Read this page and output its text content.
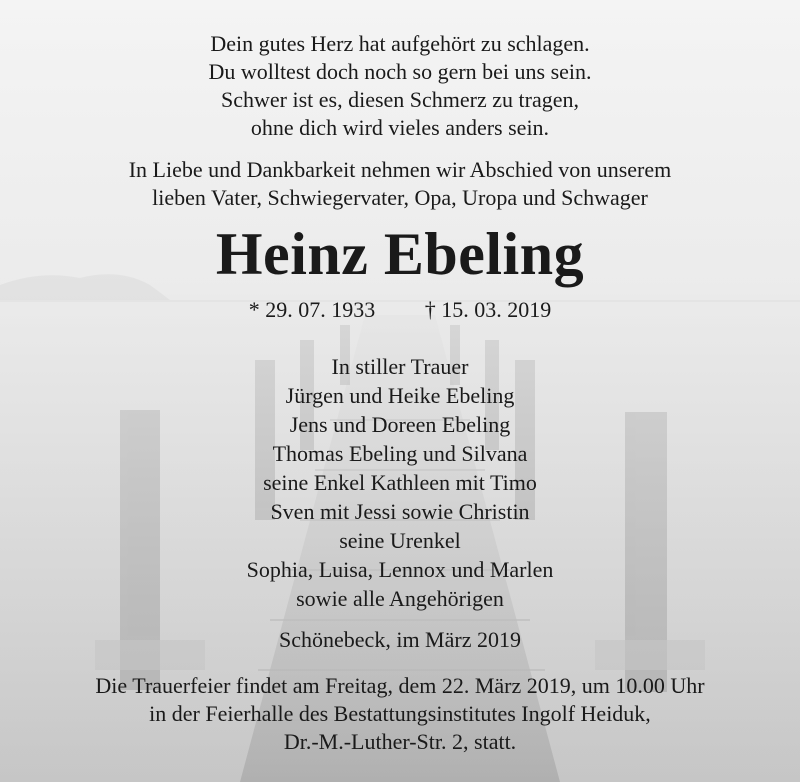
Dein gutes Herz hat aufgehört zu schlagen.
Du wolltest doch noch so gern bei uns sein.
Schwer ist es, diesen Schmerz zu tragen,
ohne dich wird vieles anders sein.
In Liebe und Dankbarkeit nehmen wir Abschied von unserem
lieben Vater, Schwiegervater, Opa, Uropa und Schwager
Heinz Ebeling
* 29. 07. 1933 † 15. 03. 2019
In stiller Trauer
Jürgen und Heike Ebeling
Jens und Doreen Ebeling
Thomas Ebeling und Silvana
seine Enkel Kathleen mit Timo
Sven mit Jessi sowie Christin
seine Urenkel
Sophia, Luisa, Lennox und Marlen
sowie alle Angehörigen
Schönebeck, im März 2019
Die Trauerfeier findet am Freitag, dem 22. März 2019, um 10.00 Uhr
in der Feierhalle des Bestattungsinstitutes Ingolf Heiduk,
Dr.-M.-Luther-Str. 2, statt.
